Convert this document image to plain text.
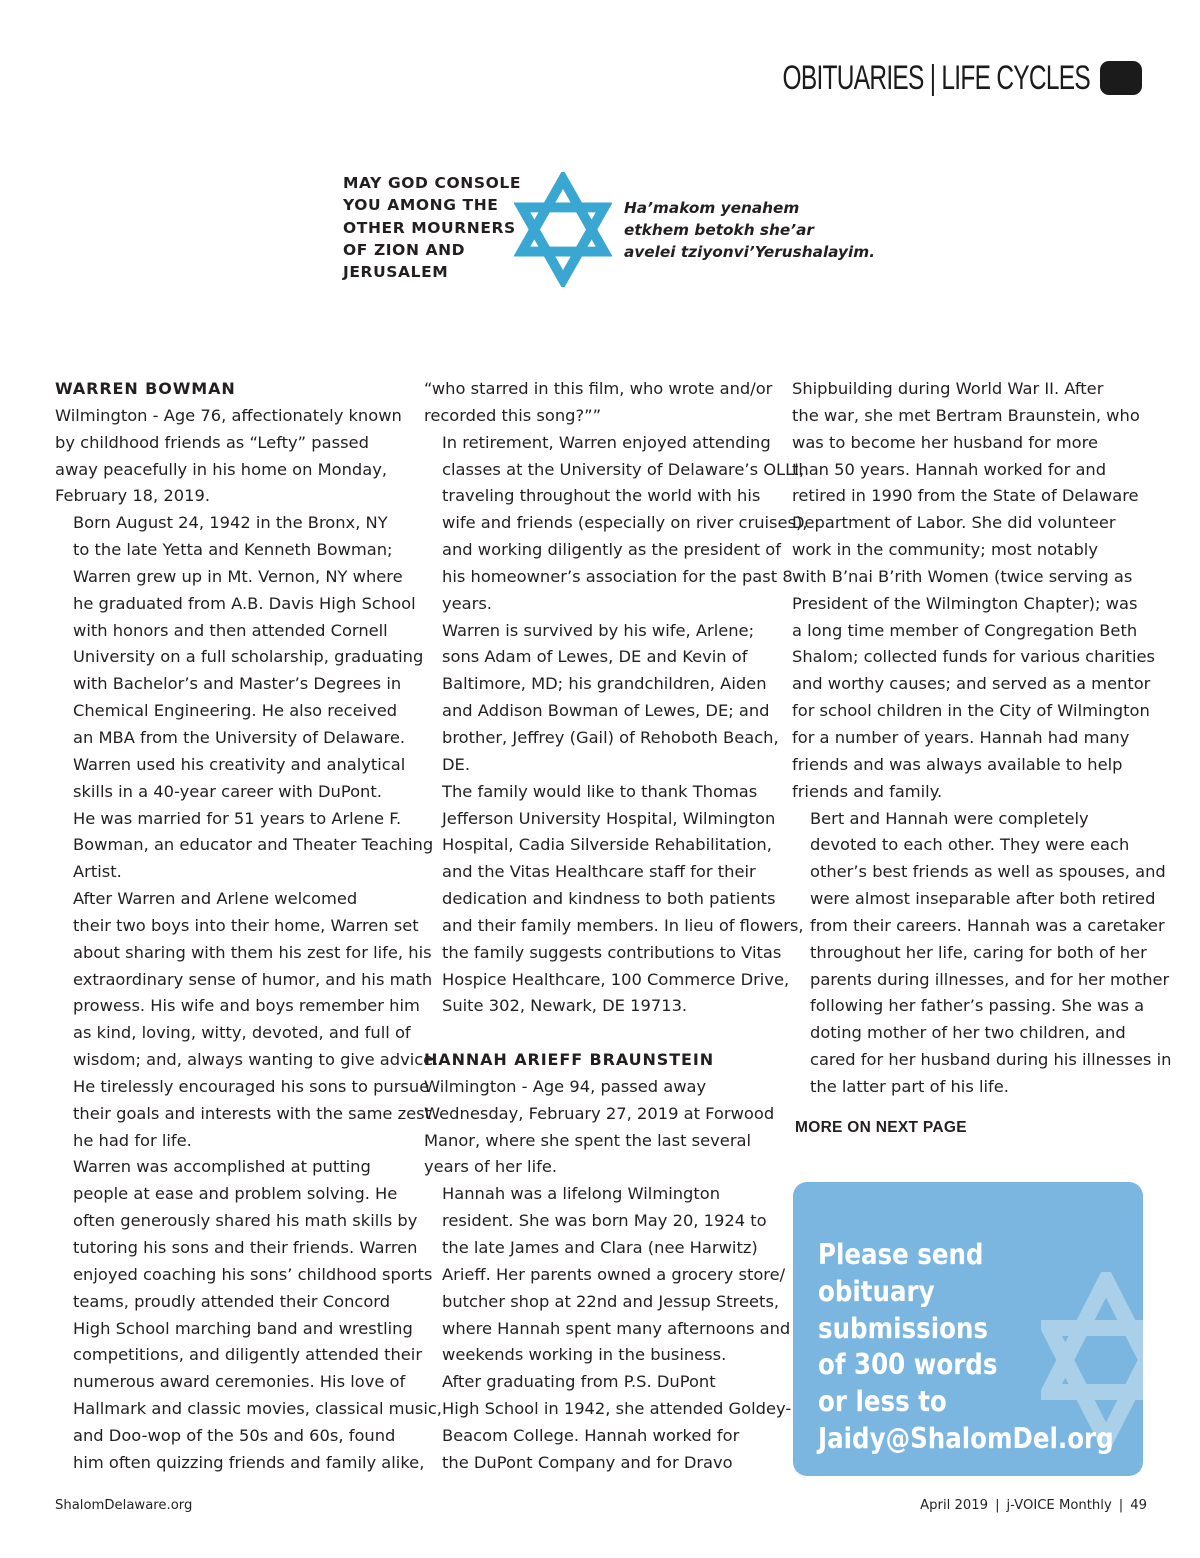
OBITUARIES | LIFE CYCLES
MAY GOD CONSOLE
YOU AMONG THE
OTHER MOURNERS
OF ZION AND
JERUSALEM
Ha’makom yenahem
etkhem betokh she’ar
avelei tziyonvi’Yerushalayim.

WARREN BOWMAN

Wilmington - Age 76, affectionately known
by childhood friends as “Lefty” passed
away peacefully in his home on Monday,
February 18, 2019.

Born August 24, 1942 in the Bronx, NY
to the late Yetta and Kenneth Bowman;
Warren grew up in Mt. Vernon, NY where
he graduated from A.B. Davis High School
with honors and then attended Cornell
University on a full scholarship, graduating
with Bachelor’s and Master’s Degrees in
Chemical Engineering. He also received
an MBA from the University of Delaware.
Warren used his creativity and analytical
skills in a 40-year career with DuPont.
He was married for 51 years to Arlene F.
Bowman, an educator and Theater Teaching
Artist.

After Warren and Arlene welcomed
their two boys into their home, Warren set
about sharing with them his zest for life, his
extraordinary sense of humor, and his math
prowess. His wife and boys remember him
as kind, loving, witty, devoted, and full of
wisdom; and, always wanting to give advice.
He tirelessly encouraged his sons to pursue
their goals and interests with the same zest
he had for life.

Warren was accomplished at putting
people at ease and problem solving. He
often generously shared his math skills by
tutoring his sons and their friends. Warren
enjoyed coaching his sons’ childhood sports
teams, proudly attended their Concord
High School marching band and wrestling
competitions, and diligently attended their
numerous award ceremonies. His love of
Hallmark and classic movies, classical music,
and Doo-wop of the 50s and 60s, found
him often quizzing friends and family alike,

“who starred in this film, who wrote and/or
recorded this song?””

In retirement, Warren enjoyed attending
classes at the University of Delaware’s OLLI,
traveling throughout the world with his
wife and friends (especially on river cruises),
and working diligently as the president of
his homeowner’s association for the past 8
years.

Warren is survived by his wife, Arlene;
sons Adam of Lewes, DE and Kevin of
Baltimore, MD; his grandchildren, Aiden
and Addison Bowman of Lewes, DE; and
brother, Jeffrey (Gail) of Rehoboth Beach,
DE.

The family would like to thank Thomas
Jefferson University Hospital, Wilmington
Hospital, Cadia Silverside Rehabilitation,
and the Vitas Healthcare staff for their
dedication and kindness to both patients
and their family members. In lieu of flowers,
the family suggests contributions to Vitas
Hospice Healthcare, 100 Commerce Drive,
Suite 302, Newark, DE 19713.

HANNAH ARIEFF BRAUNSTEIN

Wilmington - Age 94, passed away
Wednesday, February 27, 2019 at Forwood
Manor, where she spent the last several
years of her life.

Hannah was a lifelong Wilmington
resident. She was born May 20, 1924 to
the late James and Clara (nee Harwitz)
Arieff. Her parents owned a grocery store/
butcher shop at 22nd and Jessup Streets,
where Hannah spent many afternoons and
weekends working in the business.

After graduating from P.S. DuPont
High School in 1942, she attended Goldey-
Beacom College. Hannah worked for
the DuPont Company and for Dravo

Shipbuilding during World War II. After
the war, she met Bertram Braunstein, who
was to become her husband for more
than 50 years. Hannah worked for and
retired in 1990 from the State of Delaware
Department of Labor. She did volunteer
work in the community; most notably
with B’nai B’rith Women (twice serving as
President of the Wilmington Chapter); was
a long time member of Congregation Beth
Shalom; collected funds for various charities
and worthy causes; and served as a mentor
for school children in the City of Wilmington
for a number of years. Hannah had many
friends and was always available to help
friends and family.

Bert and Hannah were completely
devoted to each other. They were each
other’s best friends as well as spouses, and
were almost inseparable after both retired
from their careers. Hannah was a caretaker
throughout her life, caring for both of her
parents during illnesses, and for her mother
following her father’s passing. She was a
doting mother of her two children, and
cared for her husband during his illnesses in
the latter part of his life.

MORE ON NEXT PAGE
Please send
obituary
submissions
of 300 words
or less to
Jaidy@ShalomDel.org
ShalomDelaware.org	April 2019 | j-VOICE Monthly | 49
